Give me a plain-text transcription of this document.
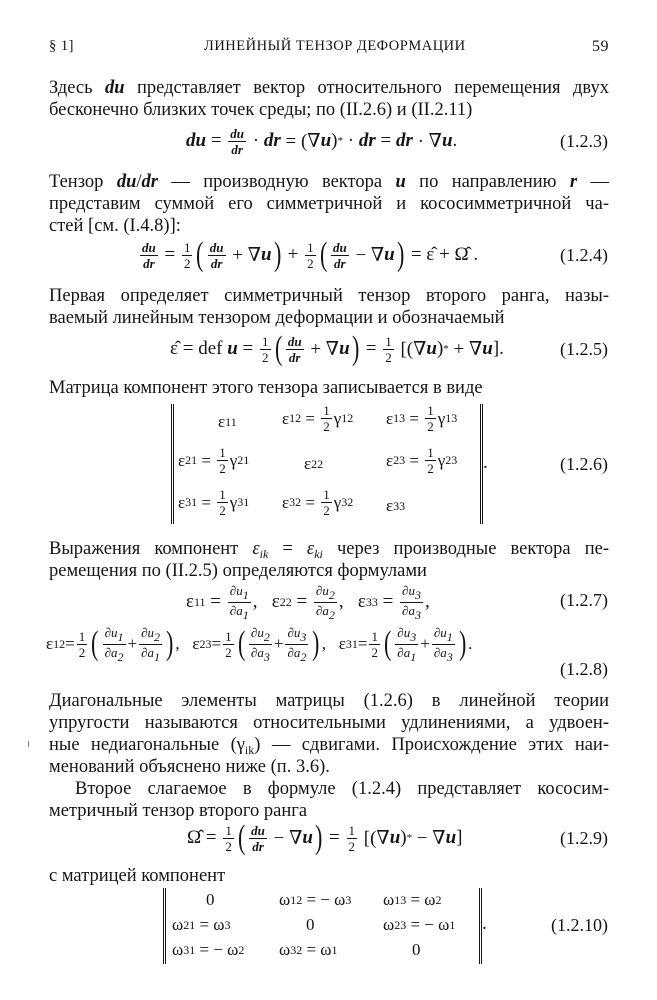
§ 1]	ЛИНЕЙНЫЙ ТЕНЗОР ДЕФОРМАЦИИ	59
Здесь du представляет вектор относительного перемещения двух
бесконечно близких точек среды; по (II.2.6) и (II.2.11)
du = $\frac{du}{dr}$ · dr = (∇ u ) * · dr = dr · ∇ u .	(1.2.3)
Тензор du/dr — производную вектора u по направлению r —
представим суммой его симметричной и кососимметричной ча-
стей [см. (I.4.8)]:
$\frac{du}{dr} = \frac{1}{2}$ ( $\frac{du}{dr}$ + ∇ u ) + $\frac{1}{2}$ ( $\frac{du}{dr}$ − ∇ u ) = ε̂ + Ω̂ .	(1.2.4)
Первая определяет симметричный тензор второго ранга, назы-
ваемый линейным тензором деформации и обозначаемый
ε̂ = def $u = \frac{1}{2}$ ( $\frac{du}{dr}$ + ∇ u ) = $\frac{1}{2}$ [(∇ u ) * + ∇ u ].	(1.2.5)
Матрица компонент этого тензора записывается в виде
ε 11	ε $12 = \frac{1}{2}$ γ 12 ε $13 = \frac{1}{2}$ γ 13
ε $21 = \frac{1}{2}$ γ 21	ε 22	ε $23 = \frac{1}{2}$ γ 23
ε $31 = \frac{1}{2}$ γ 31 ε $32 = \frac{1}{2}$ γ 32 ε 33
.	(1.2.6)
Выражения компонент $\varepsilon_{ik} = \varepsilon_{ki}$ через производные вектора пе-
ремещения по (II.2.5) определяются формулами
ε $11 = \frac{\partial u1}{\partial a1}$ ,   ε $22 = \frac{\partial u2}{\partial a2}$ ,   ε $33 = \frac{\partial u3}{\partial a3}$ ,	(1.2.7)
ε $12 = \frac{1}{2}$ ( $\frac{\partial u1}{\partial a2} + \frac{\partial u2}{\partial a1}$ ) ,   ε $23 = \frac{1}{2}$ ( $\frac{\partial u2}{\partial a3} + \frac{\partial u3}{\partial a2}$ ) ,   ε $31 = \frac{1}{2}$ ( $\frac{\partial u3}{\partial a1} + \frac{\partial u1}{\partial a3}$ ) .
(1.2.8)
Диагональные элементы матрицы (1.2.6) в линейной теории
упругости называются относительными удлинениями, а удвоен-
ные недиагональные $(\gamma_{ik})$ — сдвигами. Происхождение этих наи-
менований объяснено ниже (п. 3.6).
Второе слагаемое в формуле (1.2.4) представляет кососим-
метричный тензор второго ранга
Ω̂ = $\frac{1}{2}$ ( $\frac{du}{dr}$ − ∇ u ) = $\frac{1}{2}$ [(∇ u ) * − ∇ u ]	(1.2.9)
с матрицей компонент
0	ω 12 = − ω 3 ω 13 = ω 2
ω 21 = ω 3	0	ω 23 = − ω 1
ω 31 = − ω 2 ω 32 = ω 1	0
.	(1.2.10)
